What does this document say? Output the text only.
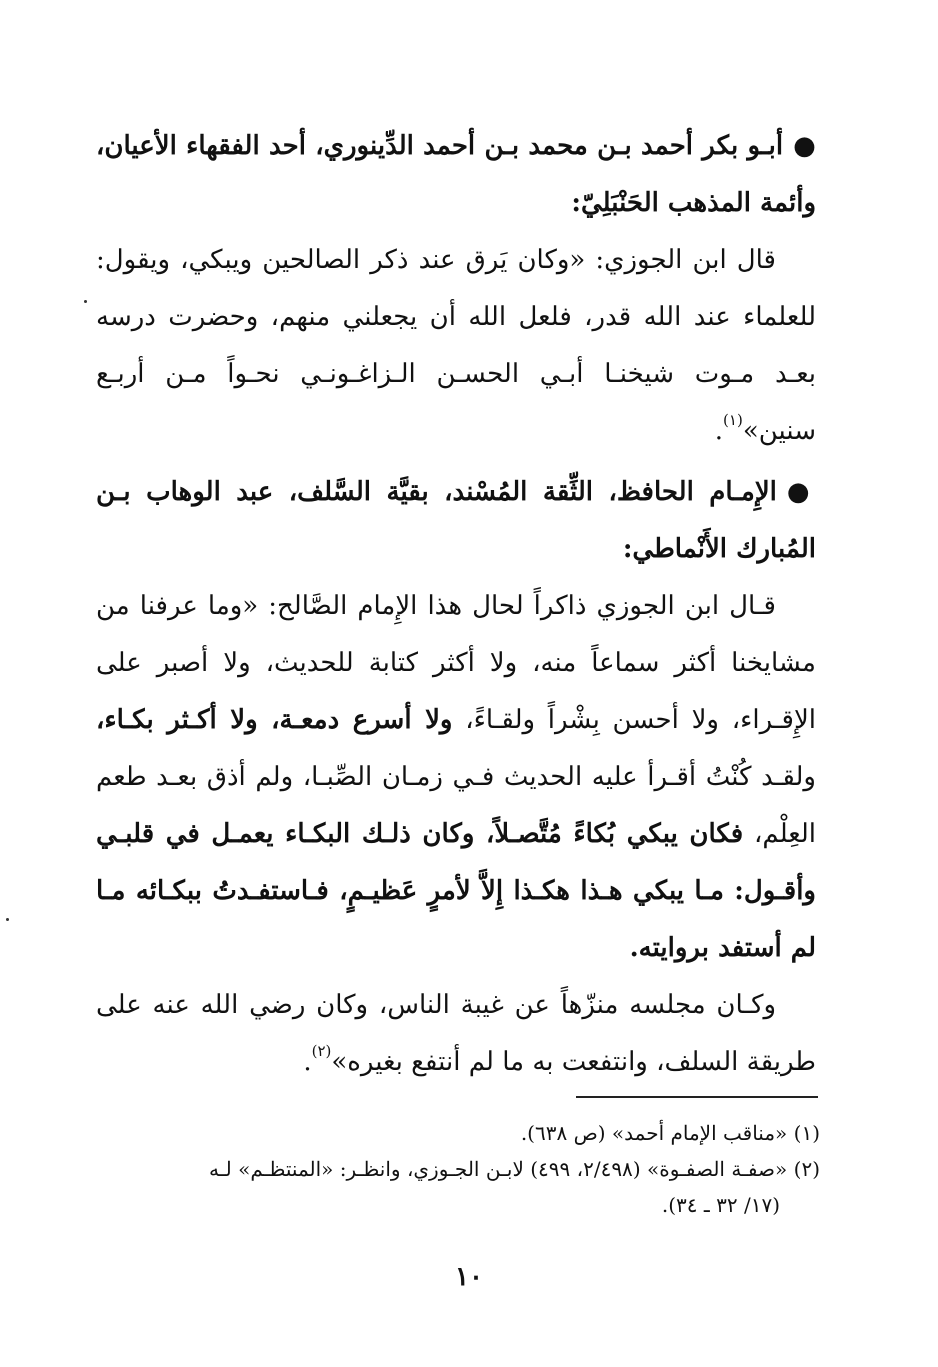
●أبـو بكر أحمد بـن محمد بـن أحمد الدِّينوري، أحد الفقهاء الأعيان، وأئمة المذهب الحَنْبَلِيّ:

قال ابن الجوزي: «وكان يَرق عند ذكر الصالحين ويبكي، ويقول: للعلماء عند الله قدر، فلعل الله أن يجعلني منهم، وحضرت درسه بعـد مـوت شيخنـا أبـي الحسـن الـزاغـونـي نحـواً مـن أربـع سنين»$^{(١)}$.

●الإِمـام الحافظ، الثِّقة المُسْند، بقيَّة السَّلف، عبد الوهاب بـن المُبارك الأَنْماطي:

قـال ابن الجوزي ذاكراً لحال هذا الإِمام الصَّالح: «وما عرفنا من مشايخنا أكثر سماعاً منه، ولا أكثر كتابة للحديث، ولا أصبر على الإِقـراء، ولا أحسن بِشْراً ولقـاءً، ولا أسرع دمعـة، ولا أكـثر بكـاء، ولقـد كُنْتُ أقـرأ عليه الحديث فـي زمـان الصِّبـا، ولم أذق بعـد طعم العِلْم، فكان يبكي بُكاءً مُتَّصـلاً، وكان ذلـك البكـاء يعمـل في قلبـي وأقـول: مـا يبكي هـذا هكـذا إِلاَّ لأمرٍ عَظيـمٍ، فـاستفـدتُ ببكـائه مـا لم أستفد بروايته.

وكـان مجلسه منزّهاً عن غيبة الناس، وكان رضي الله عنه على طريقة السلف، وانتفعت به ما لم أنتفع بغيره»$^{(٢)}$.

(١) «مناقب الإمام أحمد» (ص ٦٣٨).

(٢) «صفـة الصفـوة» (٢/٤٩٨، ٤٩٩) لابـن الجـوزي، وانظـر: «المنتظـم» لـه

(١٧/ ٣٢ ـ ٣٤).

١٠
